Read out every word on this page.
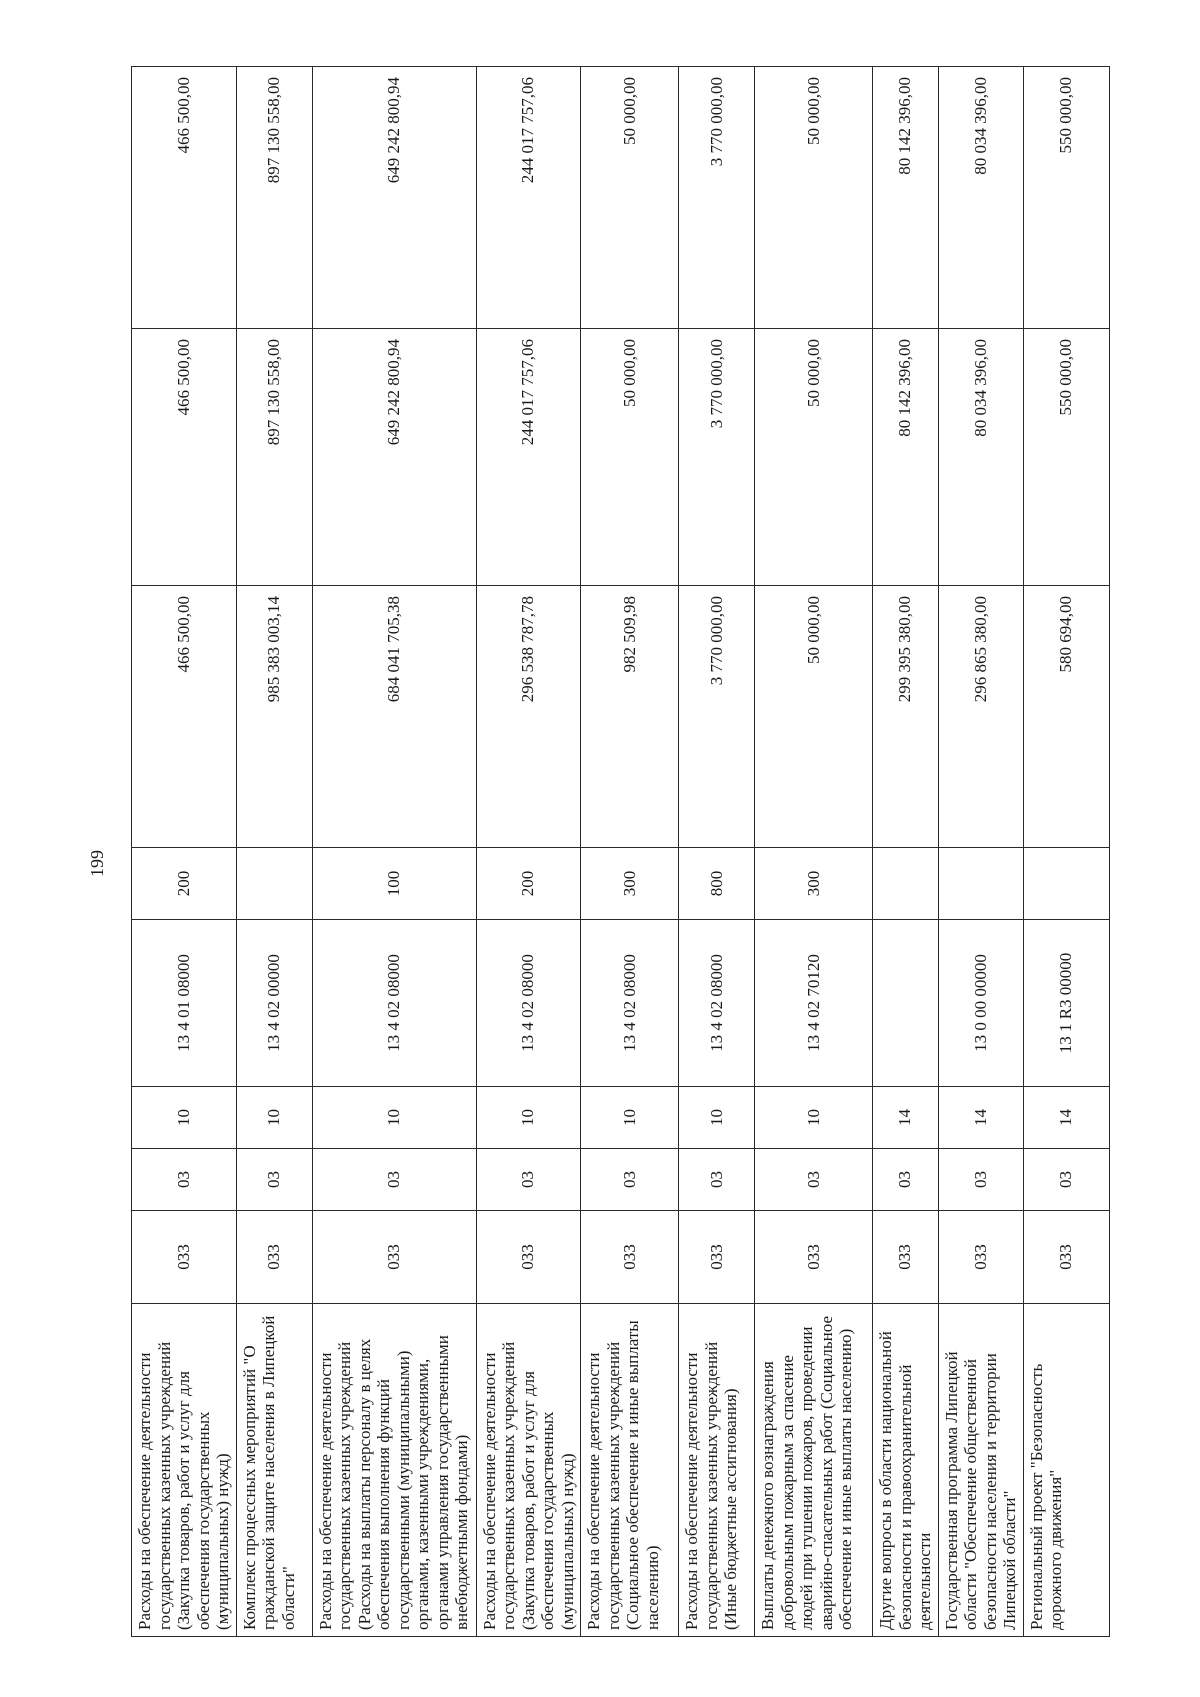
199
Расходы на обеспечение деятельности государственных казенных учреждений (Закупка товаров, работ и услуг для обеспечения государственных (муниципальных) нужд)	033	03	10	13 4 01 08000	200	466 500,00	466 500,00	466 500,00
Комплекс процессных мероприятий "О гражданской защите населения в Липецкой области"	033	03	10	13 4 02 00000		985 383 003,14	897 130 558,00	897 130 558,00
Расходы на обеспечение деятельности государственных казенных учреждений (Расходы на выплаты персоналу в целях обеспечения выполнения функций государственными (муниципальными) органами, казенными учреждениями, органами управления государственными внебюджетными фондами)	033	03	10	13 4 02 08000	100	684 041 705,38	649 242 800,94	649 242 800,94
Расходы на обеспечение деятельности государственных казенных учреждений (Закупка товаров, работ и услуг для обеспечения государственных (муниципальных) нужд)	033	03	10	13 4 02 08000	200	296 538 787,78	244 017 757,06	244 017 757,06
Расходы на обеспечение деятельности государственных казенных учреждений (Социальное обеспечение и иные выплаты населению)	033	03	10	13 4 02 08000	300	982 509,98	50 000,00	50 000,00
Расходы на обеспечение деятельности государственных казенных учреждений (Иные бюджетные ассигнования)	033	03	10	13 4 02 08000	800	3 770 000,00	3 770 000,00	3 770 000,00
Выплаты денежного вознаграждения добровольным пожарным за спасение людей при тушении пожаров, проведении аварийно-спасательных работ (Социальное обеспечение и иные выплаты населению)	033	03	10	13 4 02 70120	300	50 000,00	50 000,00	50 000,00
Другие вопросы в области национальной безопасности и правоохранительной деятельности	033	03	14			299 395 380,00	80 142 396,00	80 142 396,00
Государственная программа Липецкой области "Обеспечение общественной безопасности населения и территории Липецкой области"	033	03	14	13 0 00 00000		296 865 380,00	80 034 396,00	80 034 396,00
Региональный проект "Безопасность дорожного движения"	033	03	14	13 1 R3 00000		580 694,00	550 000,00	550 000,00
